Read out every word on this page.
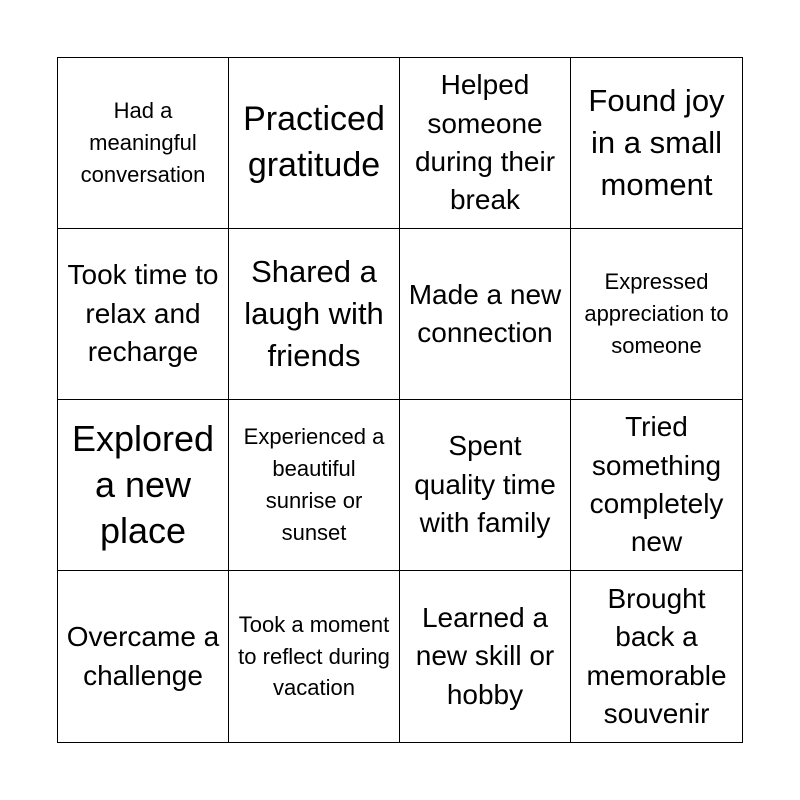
Had a meaningful conversation
Practiced gratitude
Helped someone during their break
Found joy in a small moment
Took time to relax and recharge
Shared a laugh with friends
Made a new connection
Expressed appreciation to someone
Explored a new place
Experienced a beautiful sunrise or sunset
Spent quality time with family
Tried something completely new
Overcame a challenge
Took a moment to reflect during vacation
Learned a new skill or hobby
Brought back a memorable souvenir
